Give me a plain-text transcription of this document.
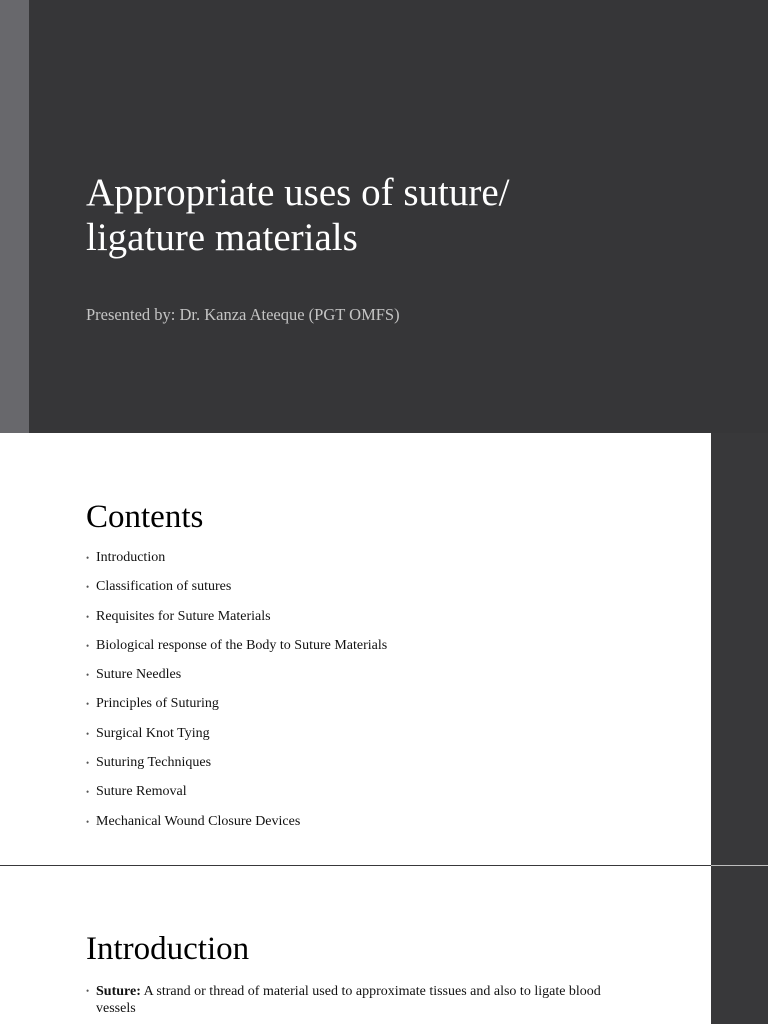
Appropriate uses of suture/
ligature materials
Presented by: Dr. Kanza Ateeque (PGT OMFS)
Contents
• Introduction
• Classification of sutures
• Requisites for Suture Materials
• Biological response of the Body to Suture Materials
• Suture Needles
• Principles of Suturing
• Surgical Knot Tying
• Suturing Techniques
• Suture Removal
• Mechanical Wound Closure Devices
Introduction
• Suture: A strand or thread of material used to approximate tissues and also to ligate blood vessels
